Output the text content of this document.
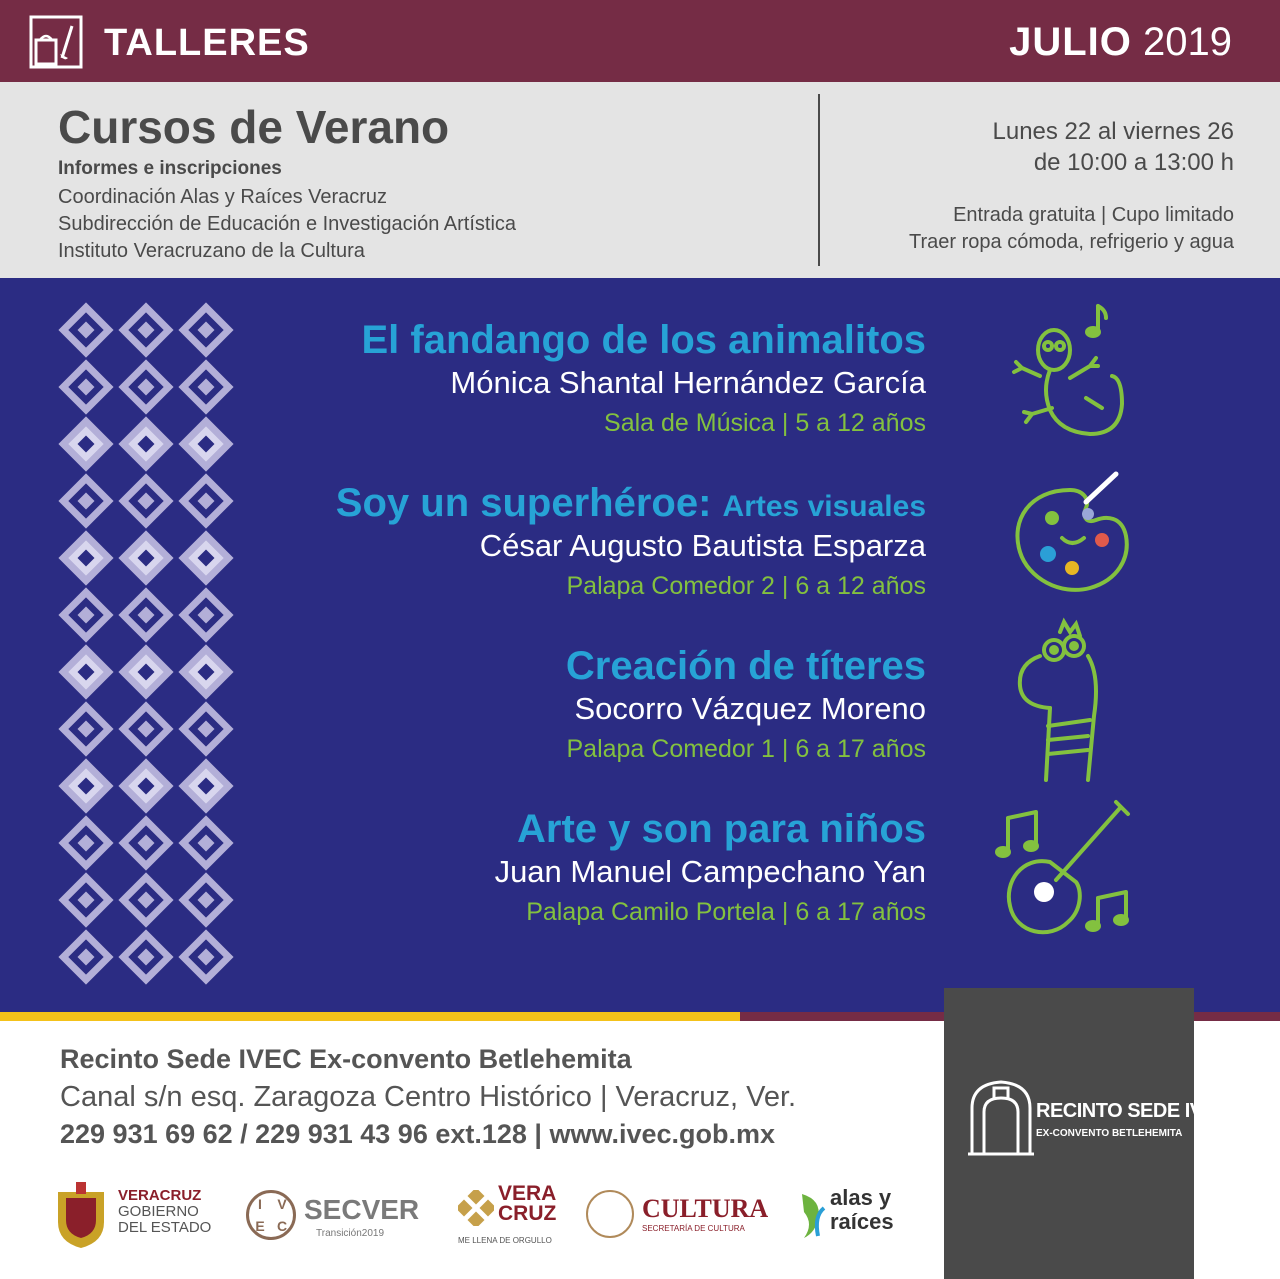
TALLERES	JULIO 2019
Cursos de Verano
Informes e inscripciones
Coordinación Alas y Raíces Veracruz
Subdirección de Educación e Investigación Artística
Instituto Veracruzano de la Cultura
Lunes 22 al viernes 26
de 10:00 a 13:00 h
Entrada gratuita | Cupo limitado
Traer ropa cómoda, refrigerio y agua
El fandango de los animalitos
Mónica Shantal Hernández García
Sala de Música | 5 a 12 años
Soy un superhéroe: Artes visuales
César Augusto Bautista Esparza
Palapa Comedor 2 | 6 a 12 años
Creación de títeres
Socorro Vázquez Moreno
Palapa Comedor 1 | 6 a 17 años
Arte y son para niños
Juan Manuel Campechano Yan
Palapa Camilo Portela | 6 a 17 años
Recinto Sede IVEC Ex-convento Betlehemita
Canal s/n esq. Zaragoza Centro Histórico | Veracruz, Ver.
229 931 69 62 / 229 931 43 96 ext.128 | www.ivec.gob.mx
VERACRUZ
GOBIERNO
DEL ESTADO
I	V
E C
SECVER
Transición2019
VERA
CRUZ
ME LLENA DE ORGULLO
CULTURA
SECRETARÍA DE CULTURA
alas y
raíces
RECINTO SEDE IVEC
EX-CONVENTO BETLEHEMITA
